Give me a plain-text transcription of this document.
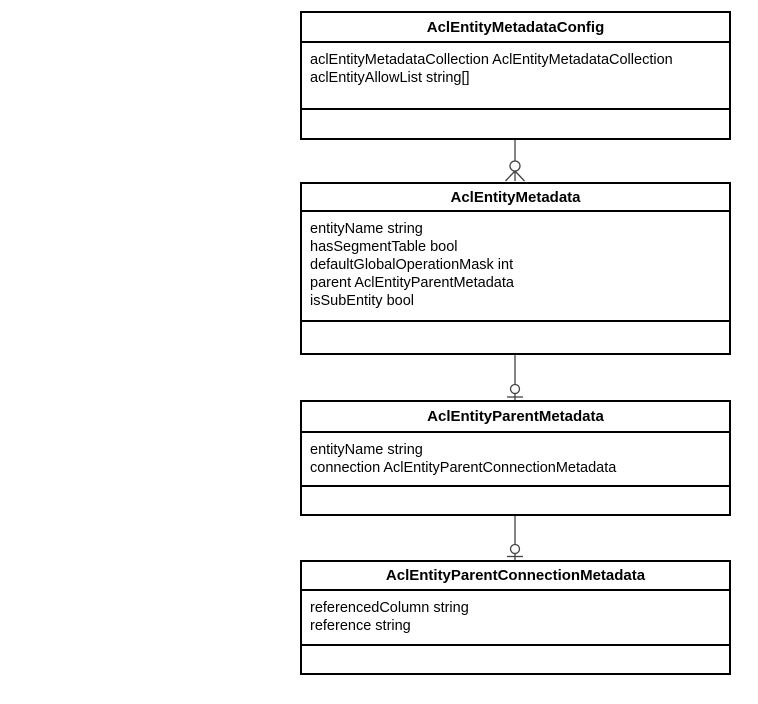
AclEntityMetadataConfig
aclEntityMetadataCollection AclEntityMetadataCollection
aclEntityAllowList string[]
AclEntityMetadata
entityName string
hasSegmentTable bool
defaultGlobalOperationMask int
parent AclEntityParentMetadata
isSubEntity bool
AclEntityParentMetadata
entityName string
connection AclEntityParentConnectionMetadata
AclEntityParentConnectionMetadata
referencedColumn string
reference string
